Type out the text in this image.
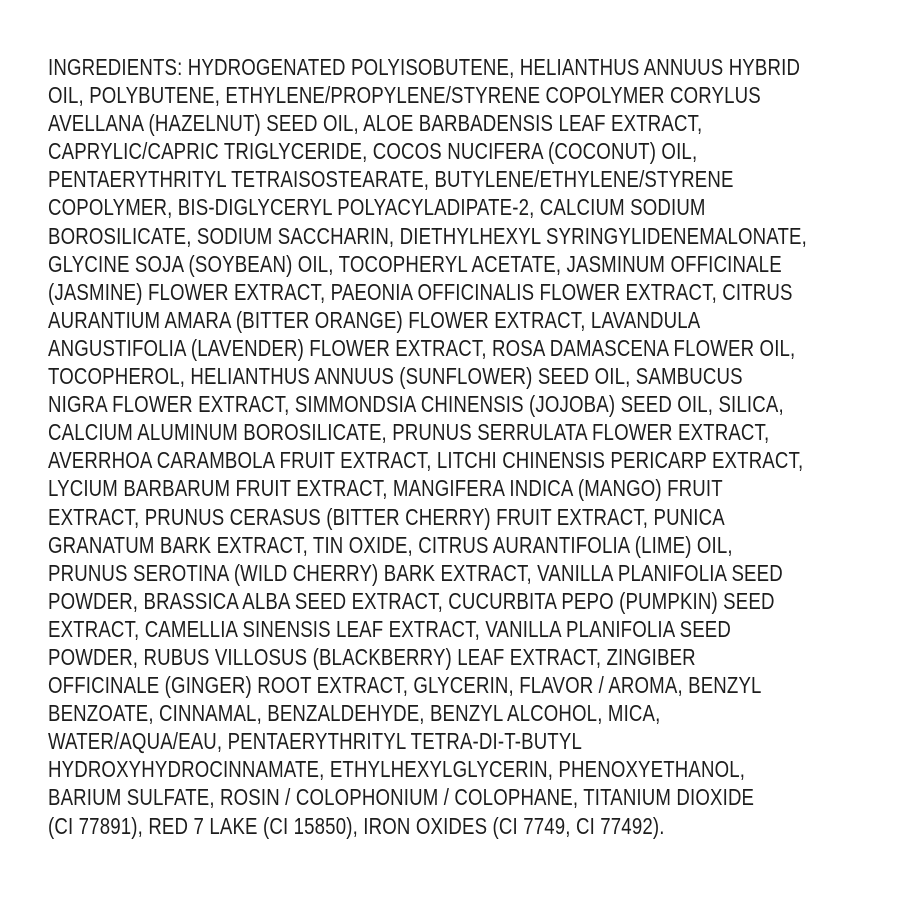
INGREDIENTS: HYDROGENATED POLYISOBUTENE, HELIANTHUS ANNUUS HYBRID
OIL, POLYBUTENE, ETHYLENE/PROPYLENE/STYRENE COPOLYMER CORYLUS
AVELLANA (HAZELNUT) SEED OIL, ALOE BARBADENSIS LEAF EXTRACT,
CAPRYLIC/CAPRIC TRIGLYCERIDE, COCOS NUCIFERA (COCONUT) OIL,
PENTAERYTHRITYL TETRAISOSTEARATE, BUTYLENE/ETHYLENE/STYRENE
COPOLYMER, BIS-DIGLYCERYL POLYACYLADIPATE-2, CALCIUM SODIUM
BOROSILICATE, SODIUM SACCHARIN, DIETHYLHEXYL SYRINGYLIDENEMALONATE,
GLYCINE SOJA (SOYBEAN) OIL, TOCOPHERYL ACETATE, JASMINUM OFFICINALE
(JASMINE) FLOWER EXTRACT, PAEONIA OFFICINALIS FLOWER EXTRACT, CITRUS
AURANTIUM AMARA (BITTER ORANGE) FLOWER EXTRACT, LAVANDULA
ANGUSTIFOLIA (LAVENDER) FLOWER EXTRACT, ROSA DAMASCENA FLOWER OIL,
TOCOPHEROL, HELIANTHUS ANNUUS (SUNFLOWER) SEED OIL, SAMBUCUS
NIGRA FLOWER EXTRACT, SIMMONDSIA CHINENSIS (JOJOBA) SEED OIL, SILICA,
CALCIUM ALUMINUM BOROSILICATE, PRUNUS SERRULATA FLOWER EXTRACT,
AVERRHOA CARAMBOLA FRUIT EXTRACT, LITCHI CHINENSIS PERICARP EXTRACT,
LYCIUM BARBARUM FRUIT EXTRACT, MANGIFERA INDICA (MANGO) FRUIT
EXTRACT, PRUNUS CERASUS (BITTER CHERRY) FRUIT EXTRACT, PUNICA
GRANATUM BARK EXTRACT, TIN OXIDE, CITRUS AURANTIFOLIA (LIME) OIL,
PRUNUS SEROTINA (WILD CHERRY) BARK EXTRACT, VANILLA PLANIFOLIA SEED
POWDER, BRASSICA ALBA SEED EXTRACT, CUCURBITA PEPO (PUMPKIN) SEED
EXTRACT, CAMELLIA SINENSIS LEAF EXTRACT, VANILLA PLANIFOLIA SEED
POWDER, RUBUS VILLOSUS (BLACKBERRY) LEAF EXTRACT, ZINGIBER
OFFICINALE (GINGER) ROOT EXTRACT, GLYCERIN, FLAVOR / AROMA, BENZYL
BENZOATE, CINNAMAL, BENZALDEHYDE, BENZYL ALCOHOL, MICA,
WATER/AQUA/EAU, PENTAERYTHRITYL TETRA-DI-T-BUTYL
HYDROXYHYDROCINNAMATE, ETHYLHEXYLGLYCERIN, PHENOXYETHANOL,
BARIUM SULFATE, ROSIN / COLOPHONIUM / COLOPHANE, TITANIUM DIOXIDE
(CI 77891), RED 7 LAKE (CI 15850), IRON OXIDES (CI 7749, CI 77492).
